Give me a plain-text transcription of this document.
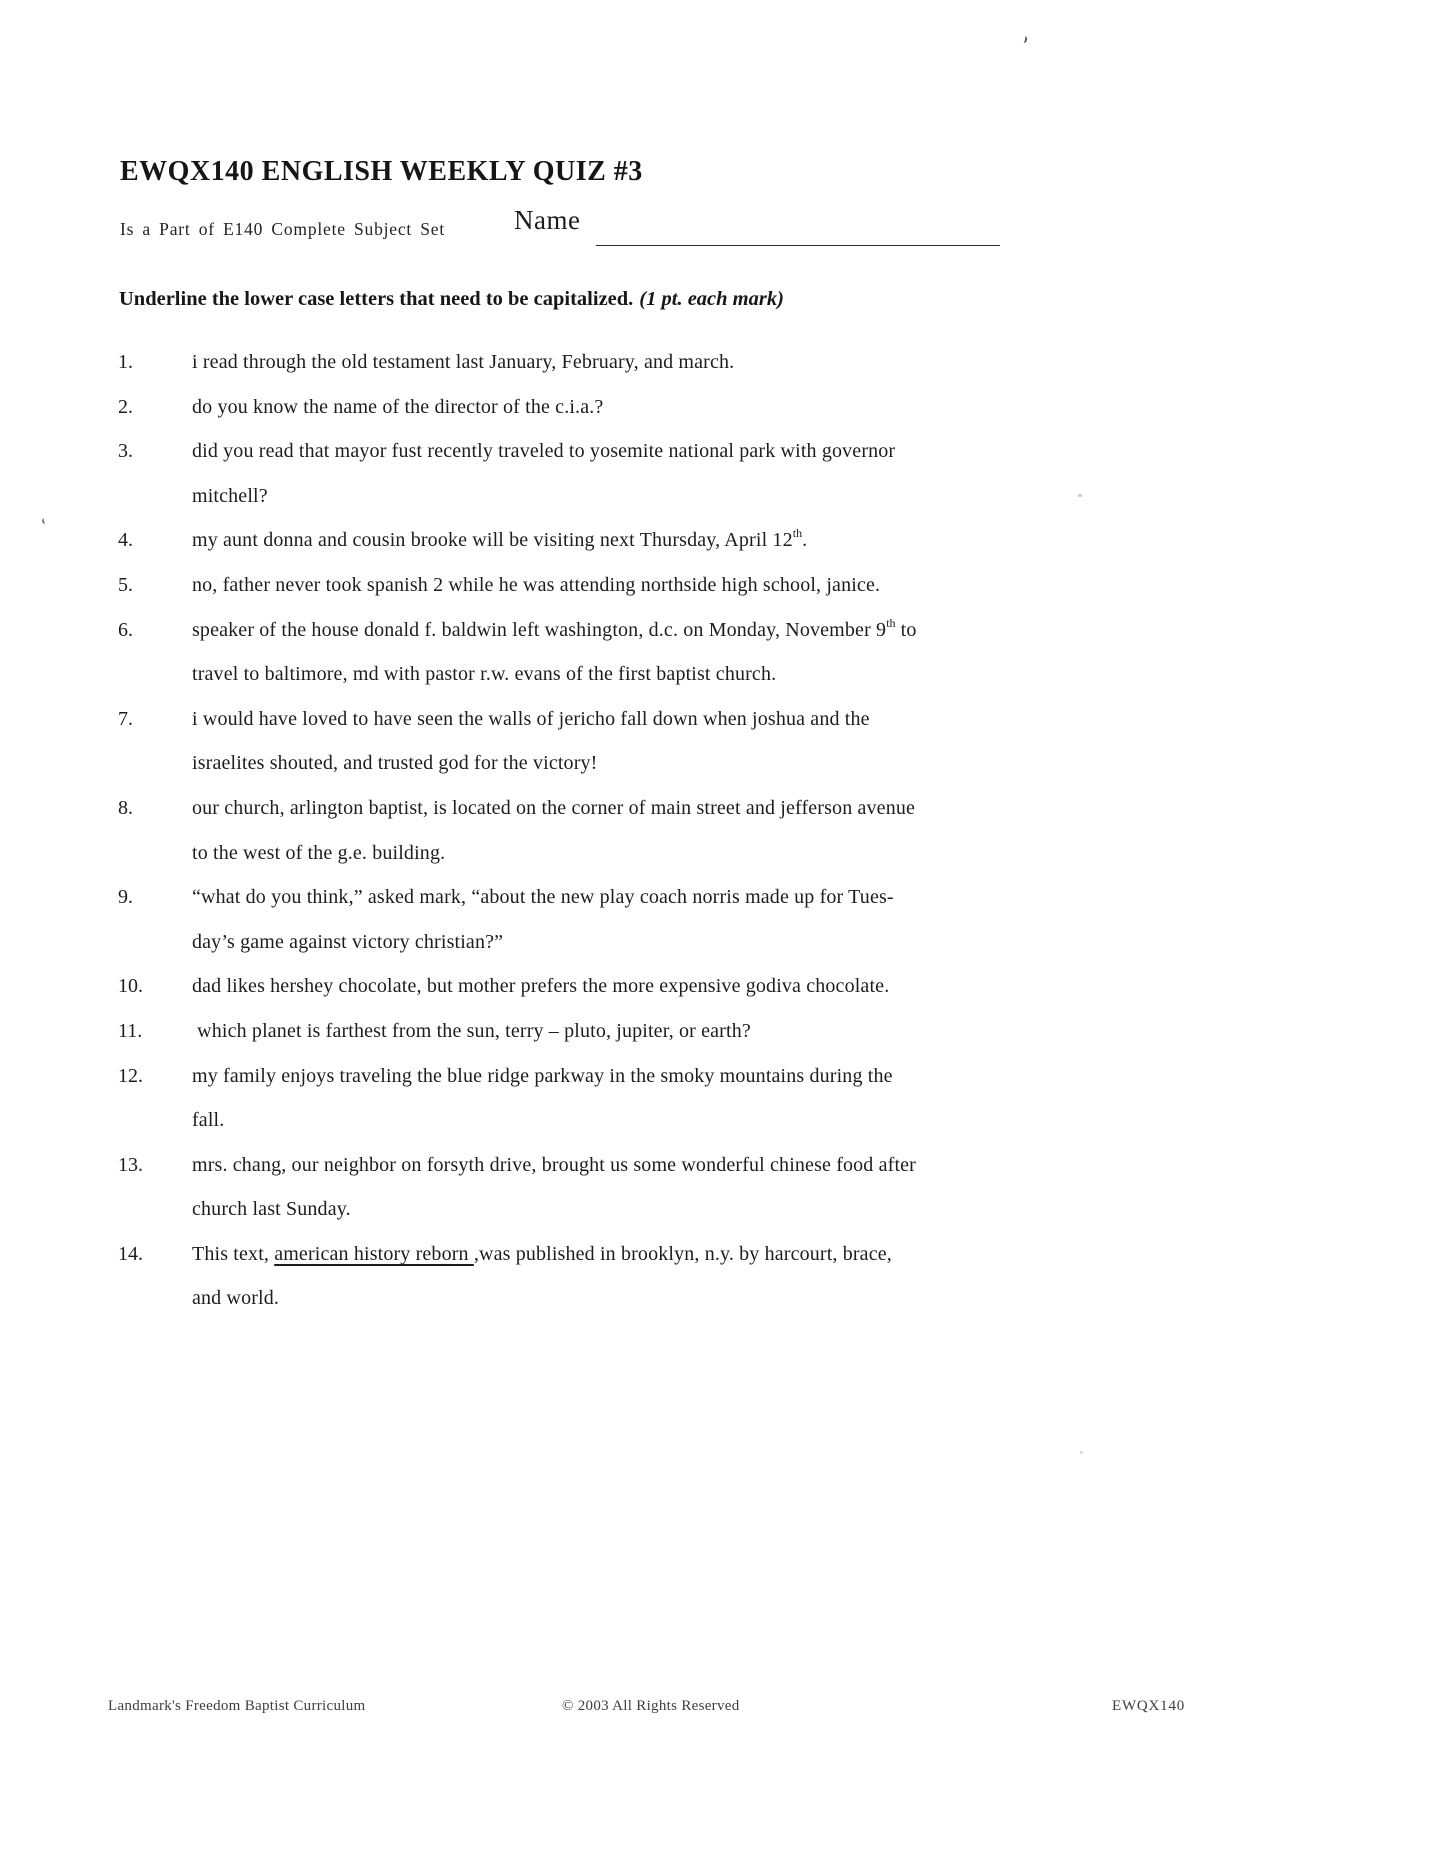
EWQX140 ENGLISH WEEKLY QUIZ #3
Is a Part of E140 Complete Subject Set	Name
Underline the lower case letters that need to be capitalized. (1 pt. each mark)
1.	i read through the old testament last January, February, and march.
2.	do you know the name of the director of the c.i.a.?
3.	did you read that mayor fust recently traveled to yosemite national park with governor
mitchell?
4.	my aunt donna and cousin brooke will be visiting next Thursday, April 12th.
5.	no, father never took spanish 2 while he was attending northside high school, janice.
6.	speaker of the house donald f. baldwin left washington, d.c. on Monday, November 9th to
travel to baltimore, md with pastor r.w. evans of the first baptist church.
7.	i would have loved to have seen the walls of jericho fall down when joshua and the
israelites shouted, and trusted god for the victory!
8.	our church, arlington baptist, is located on the corner of main street and jefferson avenue
to the west of the g.e. building.
9.	“what do you think,” asked mark, “about the new play coach norris made up for Tues-
day’s game against victory christian?”
10.	dad likes hershey chocolate, but mother prefers the more expensive godiva chocolate.
11.	which planet is farthest from the sun, terry – pluto, jupiter, or earth?
12.	my family enjoys traveling the blue ridge parkway in the smoky mountains during the
fall.
13.	mrs. chang, our neighbor on forsyth drive, brought us some wonderful chinese food after
church last Sunday.
14.	This text, american history reborn ,was published in brooklyn, n.y. by harcourt, brace,
and world.
Landmark's Freedom Baptist Curriculum	© 2003 All Rights Reserved	EWQX140
